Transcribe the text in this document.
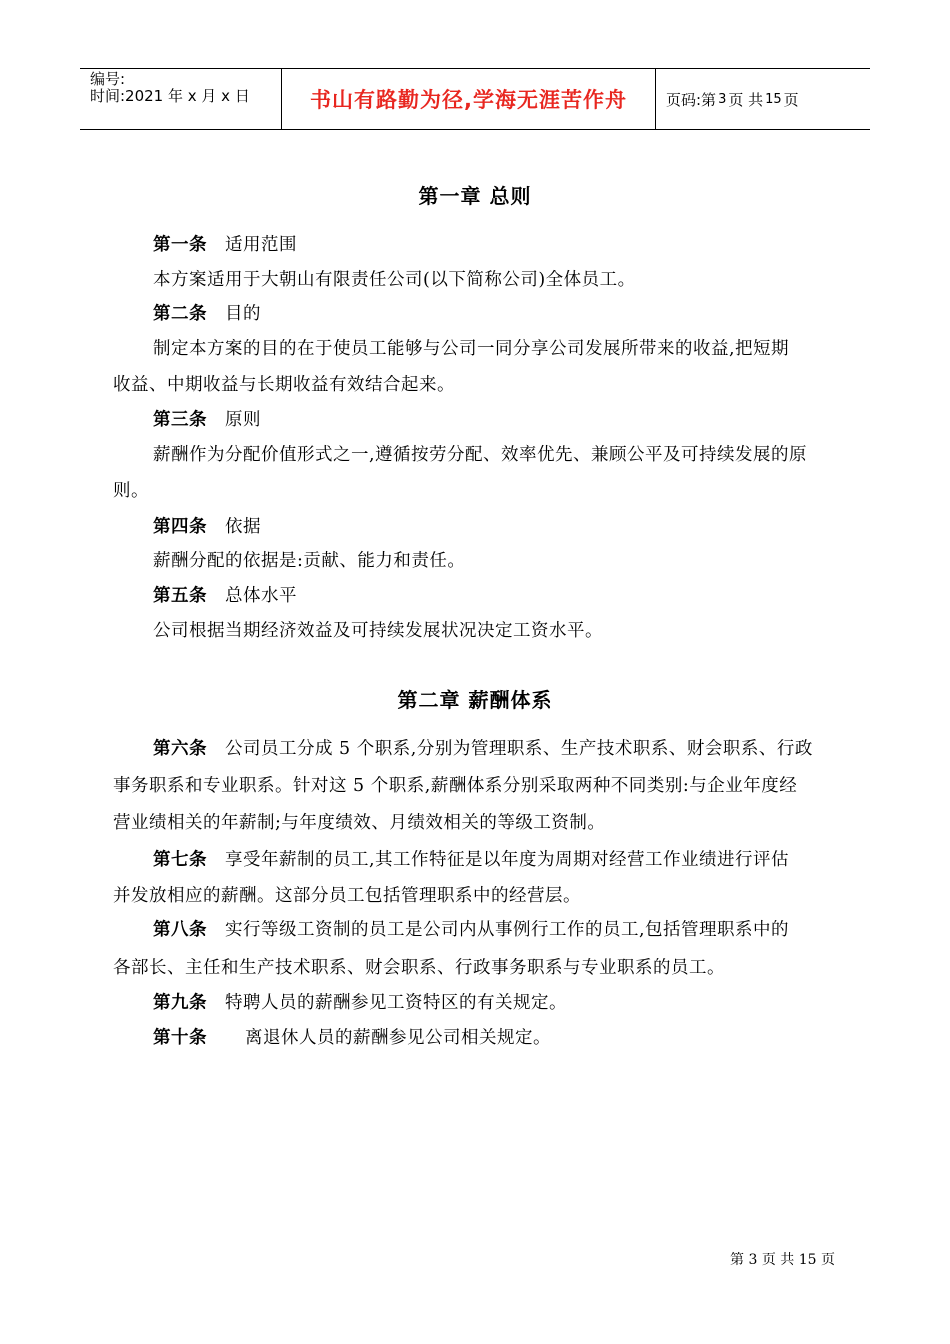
编号:
时间:2021 年 x 月 x 日	书山有路勤为径,学海无涯苦作舟	页码:第 3 页 共 15 页
第一章 总则
第一条 适用范围
本方案适用于大朝山有限责任公司(以下简称公司)全体员工。
第二条 目的
制定本方案的目的在于使员工能够与公司一同分享公司发展所带来的收益,把短期
收益、中期收益与长期收益有效结合起来。
第三条 原则
薪酬作为分配价值形式之一,遵循按劳分配、效率优先、兼顾公平及可持续发展的原
则。
第四条 依据
薪酬分配的依据是:贡献、能力和责任。
第五条 总体水平
公司根据当期经济效益及可持续发展状况决定工资水平。
第二章 薪酬体系
第六条 公司员工分成 5 个职系,分别为管理职系、生产技术职系、财会职系、行政
事务职系和专业职系。针对这 5 个职系,薪酬体系分别采取两种不同类别:与企业年度经
营业绩相关的年薪制;与年度绩效、月绩效相关的等级工资制。
第七条 享受年薪制的员工,其工作特征是以年度为周期对经营工作业绩进行评估
并发放相应的薪酬。这部分员工包括管理职系中的经营层。
第八条 实行等级工资制的员工是公司内从事例行工作的员工,包括管理职系中的
各部长、主任和生产技术职系、财会职系、行政事务职系与专业职系的员工。
第九条 特聘人员的薪酬参见工资特区的有关规定。
第十条 离退休人员的薪酬参见公司相关规定。
第 3 页 共 15 页
